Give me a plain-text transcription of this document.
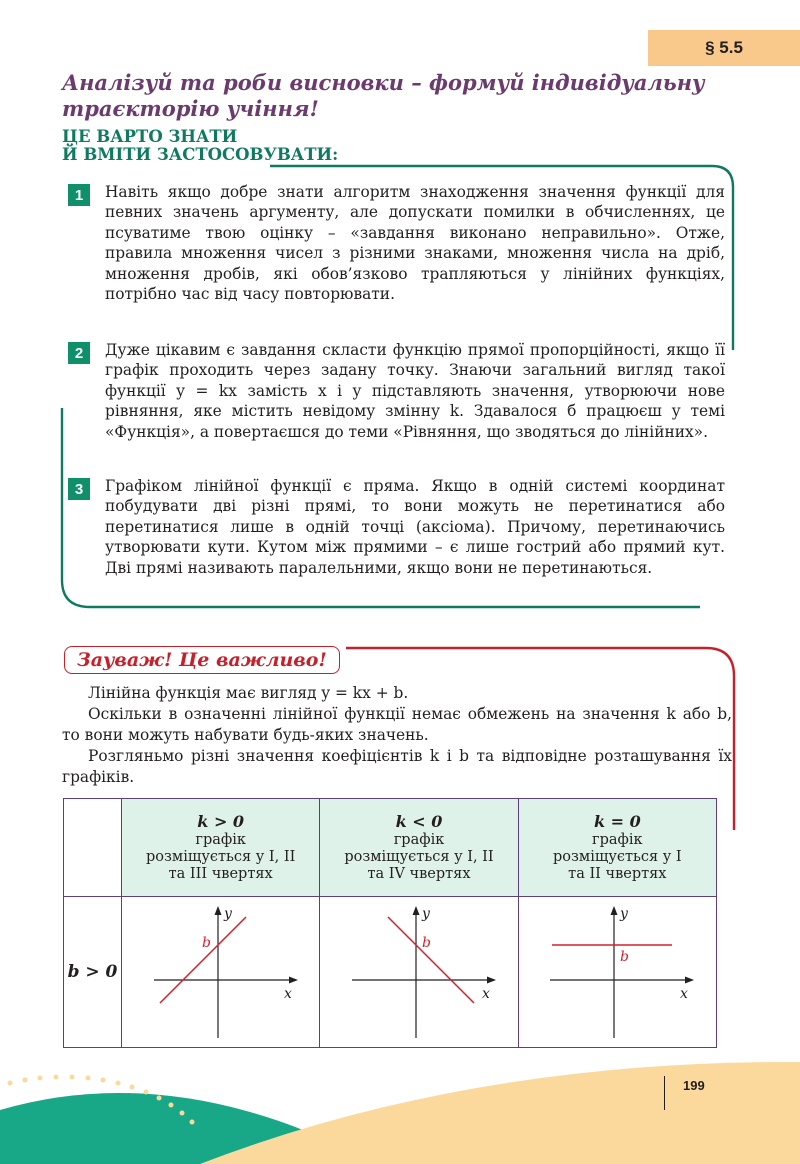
§ 5.5
Аналізуй та роби висновки – формуй індивідуальну траєкторію учіння!
ЦЕ ВАРТО ЗНАТИ
Й ВМІТИ ЗАСТОСОВУВАТИ:
1	Навіть якщо добре знати алгоритм знаходження значення функції для певних значень аргументу, але допускати помилки в обчисленнях, це псуватиме твою оцінку – «завдання виконано неправильно». Отже, правила множення чисел з різними знаками, множення числа на дріб, множення дробів, які обов’язково трапляються у лінійних функціях, потрібно час від часу повторювати.
2	Дуже цікавим є завдання скласти функцію прямої пропорційності, якщо її графік проходить через задану точку. Знаючи загальний вигляд такої функції y = kx замість x і y підставляють значення, утворюючи нове рівняння, яке містить невідому змінну k. Здавалося б працюєш у темі «Функція», а повертаєшся до теми «Рівняння, що зводяться до лінійних».
3	Графіком лінійної функції є пряма. Якщо в одній системі координат побудувати дві різні прямі, то вони можуть не перетинатися або перетинатися лише в одній точці (аксіома). Причому, перетинаючись утворювати кути. Кутом між прямими – є лише гострий або прямий кут. Дві прямі називають паралельними, якщо вони не перетинаються.
Зауваж! Це важливо!
Лінійна функція має вигляд y = kx + b.
Оскільки в означенні лінійної функції немає обмежень на значення k або b, то вони можуть набувати будь-яких значень.
Розгляньмо різні значення коефіцієнтів k і b та відповідне розташування їх графіків.
	k > 0
графік
розміщується у І, ІІ
та ІІІ чвертях	k < 0
графік
розміщується у І, ІІ
та IV чвертях	k = 0
графік
розміщується у І
та ІІ чвертях
b > 0	x
y
b	x
y
b	x
y
b
199
